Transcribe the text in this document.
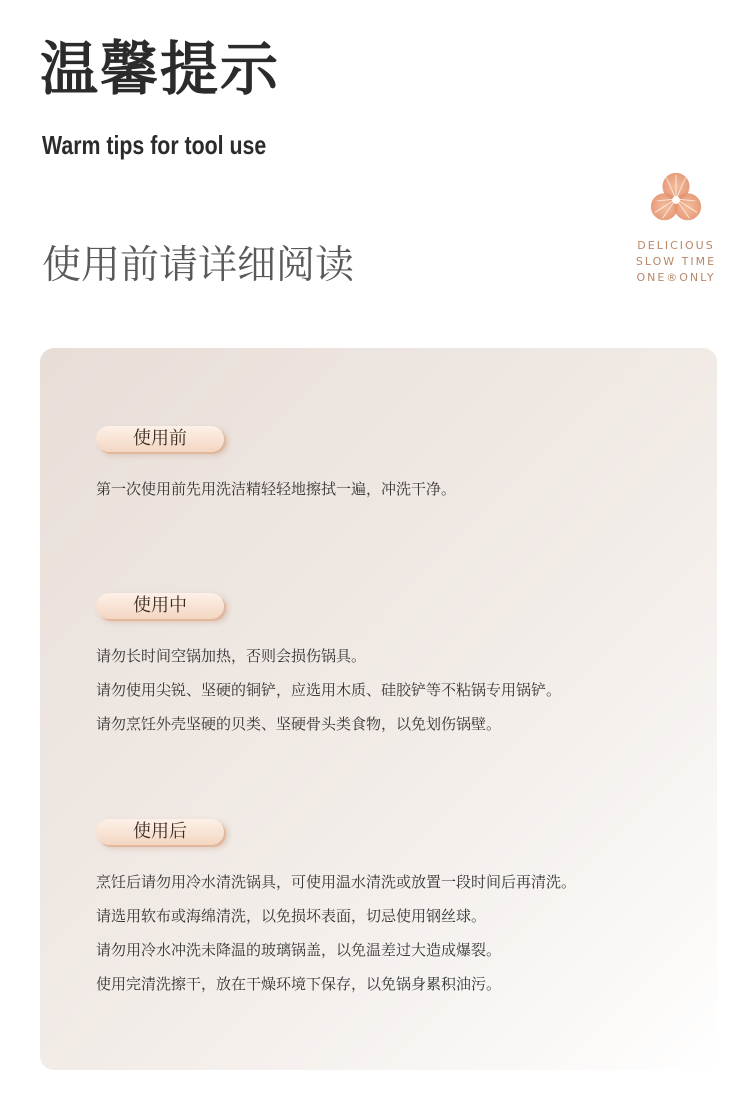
温馨提示
Warm tips for tool use
使用前请详细阅读	DELICIOUS
SLOW TIME
ONE®ONLY
使用前
第一次使用前先用洗洁精轻轻地擦拭一遍，冲洗干净。
使用中
请勿长时间空锅加热，否则会损伤锅具。
请勿使用尖锐、坚硬的铜铲，应选用木质、硅胶铲等不粘锅专用锅铲。
请勿烹饪外壳坚硬的贝类、坚硬骨头类食物，以免划伤锅壁。
使用后
烹饪后请勿用冷水清洗锅具，可使用温水清洗或放置一段时间后再清洗。
请选用软布或海绵清洗，以免损坏表面，切忌使用钢丝球。
请勿用冷水冲洗未降温的玻璃锅盖，以免温差过大造成爆裂。
使用完清洗擦干，放在干燥环境下保存，以免锅身累积油污。
